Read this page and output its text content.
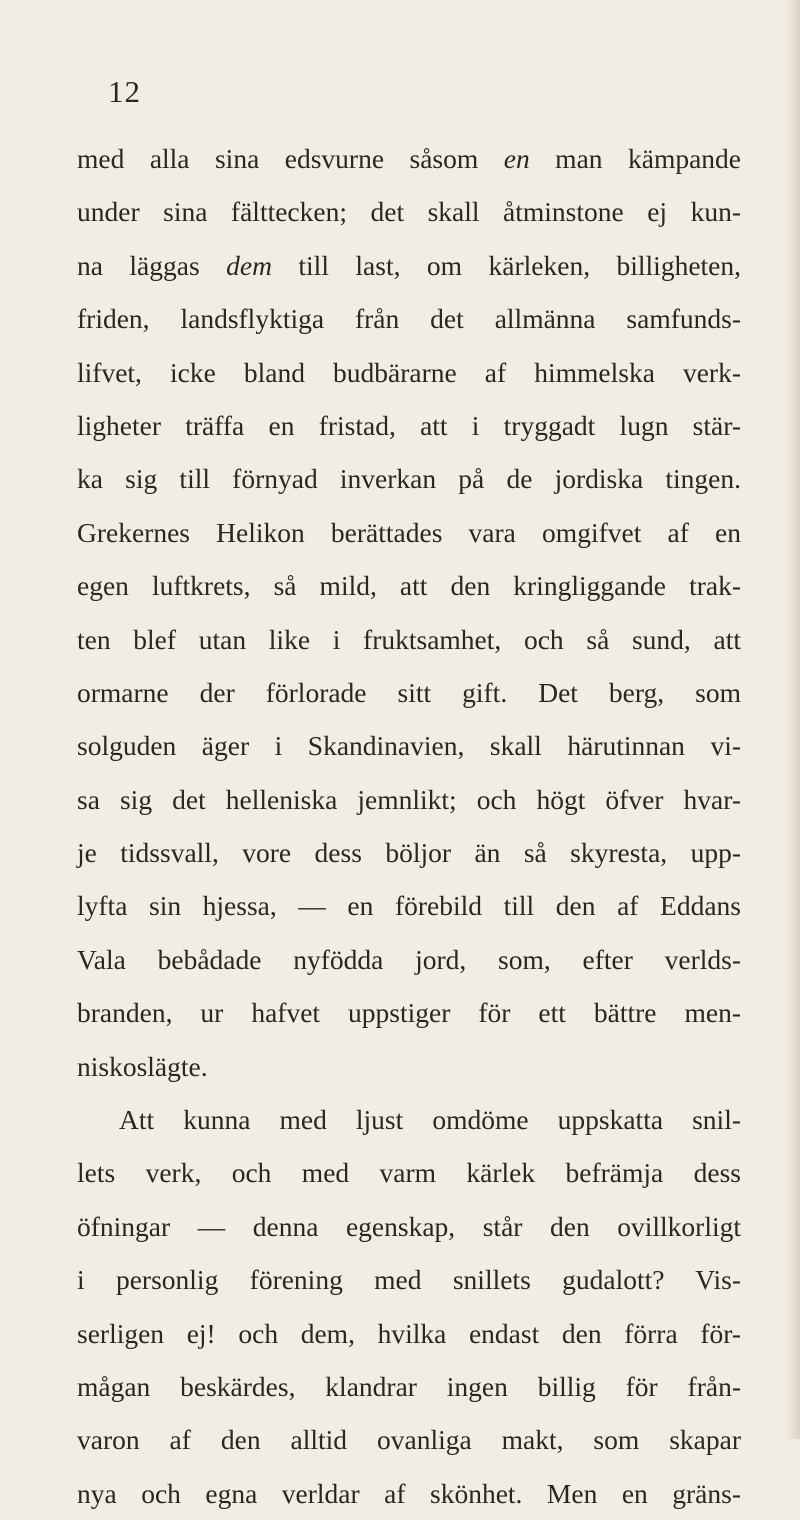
12
med alla sina edsvurne såsom en man kämpande
under sina fälttecken; det skall åtminstone ej kun-
na läggas dem till last, om kärleken, billigheten,
friden, landsflyktiga från det allmänna samfunds-
lifvet, icke bland budbärarne af himmelska verk-
ligheter träffa en fristad, att i tryggadt lugn stär-
ka sig till förnyad inverkan på de jordiska tingen.
Grekernes Helikon berättades vara omgifvet af en
egen luftkrets, så mild, att den kringliggande trak-
ten blef utan like i fruktsamhet, och så sund, att
ormarne der förlorade sitt gift. Det berg, som
solguden äger i Skandinavien, skall härutinnan vi-
sa sig det helleniska jemnlikt; och högt öfver hvar-
je tidssvall, vore dess böljor än så skyresta, upp-
lyfta sin hjessa, — en förebild till den af Eddans
Vala bebådade nyfödda jord, som, efter verlds-
branden, ur hafvet uppstiger för ett bättre men-
niskoslägte.
Att kunna med ljust omdöme uppskatta snil-
lets verk, och med varm kärlek befrämja dess
öfningar — denna egenskap, står den ovillkorligt
i personlig förening med snillets gudalott? Vis-
serligen ej! och dem, hvilka endast den förra för-
mågan beskärdes, klandrar ingen billig för från-
varon af den alltid ovanliga makt, som skapar
nya och egna verldar af skönhet. Men en gräns-
